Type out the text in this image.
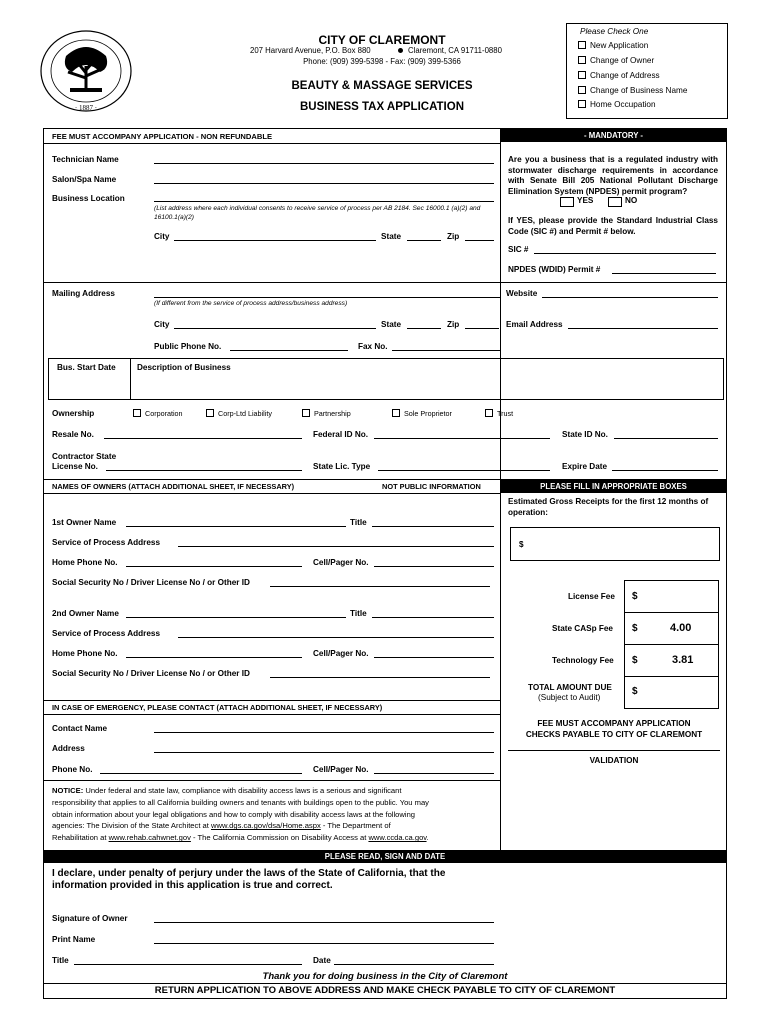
· 1887 ·
CITY OF CLAREMONT
207 Harvard Avenue, P.O. Box 880	Claremont, CA 91711-0880
Phone: (909) 399-5398 - Fax: (909) 399-5366
BEAUTY & MASSAGE SERVICES
BUSINESS TAX APPLICATION
Please Check One
New Application
Change of Owner
Change of Address
Change of Business Name
Home Occupation
FEE MUST ACCOMPANY APPLICATION - NON REFUNDABLE	- MANDATORY -
Technician Name
Salon/Spa Name
Business Location
(List address where each individual consents to receive service of process per AB 2184. Sec 16000.1 (a)(2) and 16100.1(a)(2)
City	State	Zip
Are you a business that is a regulated industry with stormwater discharge requirements in accordance with Senate Bill 205 National Pollutant Discharge Elimination System (NPDES) permit program?
YES	NO
If YES, please provide the Standard Industrial Class Code (SIC #) and Permit # below.
SIC #
NPDES (WDID) Permit #
Mailing Address
(If different from the service of process address/business address)
Website
City	State	Zip	Email Address
Public Phone No.	Fax No.
Bus. Start Date	Description of Business
Ownership	Corporation	Corp-Ltd Liability	Partnership	Sole Proprietor	Trust
Resale No.	Federal ID No.	State ID No.
Contractor State
License No.	State Lic. Type	Expire Date
NAMES OF OWNERS (ATTACH ADDITIONAL SHEET, IF NECESSARY)	NOT PUBLIC INFORMATION	PLEASE FILL IN APPROPRIATE BOXES
1st Owner Name	Title
Service of Process Address
Home Phone No.	Cell/Pager No.
Social Security No / Driver License No / or Other ID
2nd Owner Name	Title
Service of Process Address
Home Phone No.	Cell/Pager No.
Social Security No / Driver License No / or Other ID
Estimated Gross Receipts for the first 12 months of operation:
$
License Fee $
State CASp Fee $	4.00
Technology Fee $	3.81
TOTAL AMOUNT DUE
(Subject to Audit)
$
FEE MUST ACCOMPANY APPLICATION
CHECKS PAYABLE TO CITY OF CLAREMONT
VALIDATION
IN CASE OF EMERGENCY, PLEASE CONTACT (ATTACH ADDITIONAL SHEET, IF NECESSARY)
Contact Name
Address
Phone No.	Cell/Pager No.
NOTICE: Under federal and state law, compliance with disability access laws is a serious and significant
responsibility that applies to all California building owners and tenants with buildings open to the public. You may
obtain information about your legal obligations and how to comply with disability access laws at the following
agencies: The Division of the State Architect at www.dgs.ca.gov/dsa/Home.aspx - The Department of
Rehabilitation at www.rehab.cahwnet.gov - The California Commission on Disability Access at www.ccda.ca.gov.
PLEASE READ, SIGN AND DATE
I declare, under penalty of perjury under the laws of the State of California, that the
information provided in this application is true and correct.
Signature of Owner
Print Name
Title	Date
Thank you for doing business in the City of Claremont
RETURN APPLICATION TO ABOVE ADDRESS AND MAKE CHECK PAYABLE TO CITY OF CLAREMONT
